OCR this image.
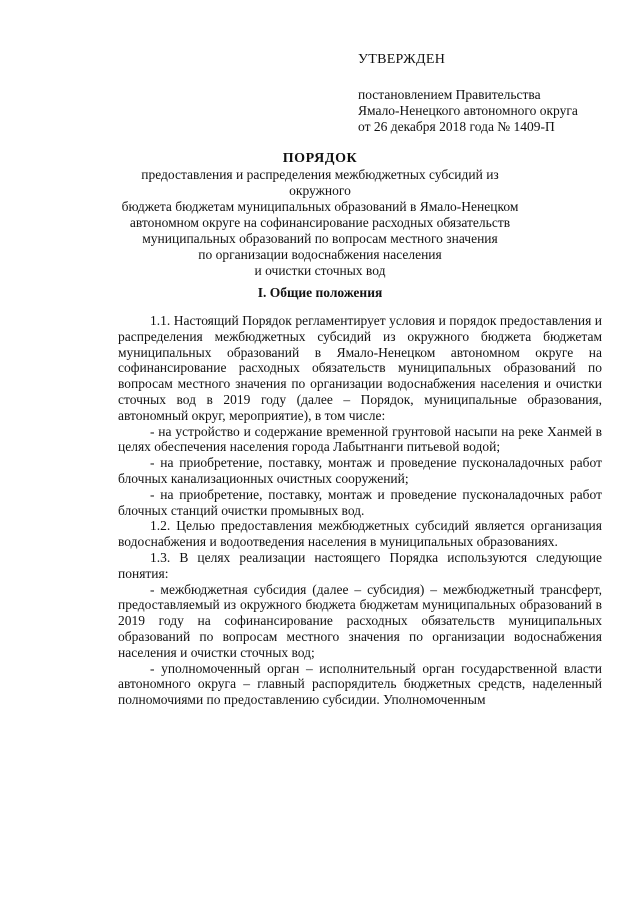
УТВЕРЖДЕН
постановлением Правительства
Ямало-Ненецкого автономного округа
от 26 декабря 2018 года № 1409-П
ПОРЯДОК
предоставления и распределения межбюджетных субсидий из окружного
бюджета бюджетам муниципальных образований в Ямало-Ненецком
автономном округе на софинансирование расходных обязательств
муниципальных образований по вопросам местного значения
по организации водоснабжения населения
и очистки сточных вод
I. Общие положения

1.1. Настоящий Порядок регламентирует условия и порядок предоставления и распределения межбюджетных субсидий из окружного бюджета бюджетам муниципальных образований в Ямало-Ненецком автономном округе на софинансирование расходных обязательств муниципальных образований по вопросам местного значения по организации водоснабжения населения и очистки сточных вод в 2019 году (далее – Порядок, муниципальные образования, автономный округ, мероприятие), в том числе:

- на устройство и содержание временной грунтовой насыпи на реке Ханмей в целях обеспечения населения города Лабытнанги питьевой водой;

- на приобретение, поставку, монтаж и проведение пусконаладочных работ блочных канализационных очистных сооружений;

- на приобретение, поставку, монтаж и проведение пусконаладочных работ блочных станций очистки промывных вод.

1.2. Целью предоставления межбюджетных субсидий является организация водоснабжения и водоотведения населения в муниципальных образованиях.

1.3. В целях реализации настоящего Порядка используются следующие понятия:

- межбюджетная субсидия (далее – субсидия) – межбюджетный трансферт, предоставляемый из окружного бюджета бюджетам муниципальных образований в 2019 году на софинансирование расходных обязательств муниципальных образований по вопросам местного значения по организации водоснабжения населения и очистки сточных вод;

- уполномоченный орган – исполнительный орган государственной власти автономного округа – главный распорядитель бюджетных средств, наделенный полномочиями по предоставлению субсидии. Уполномоченным
